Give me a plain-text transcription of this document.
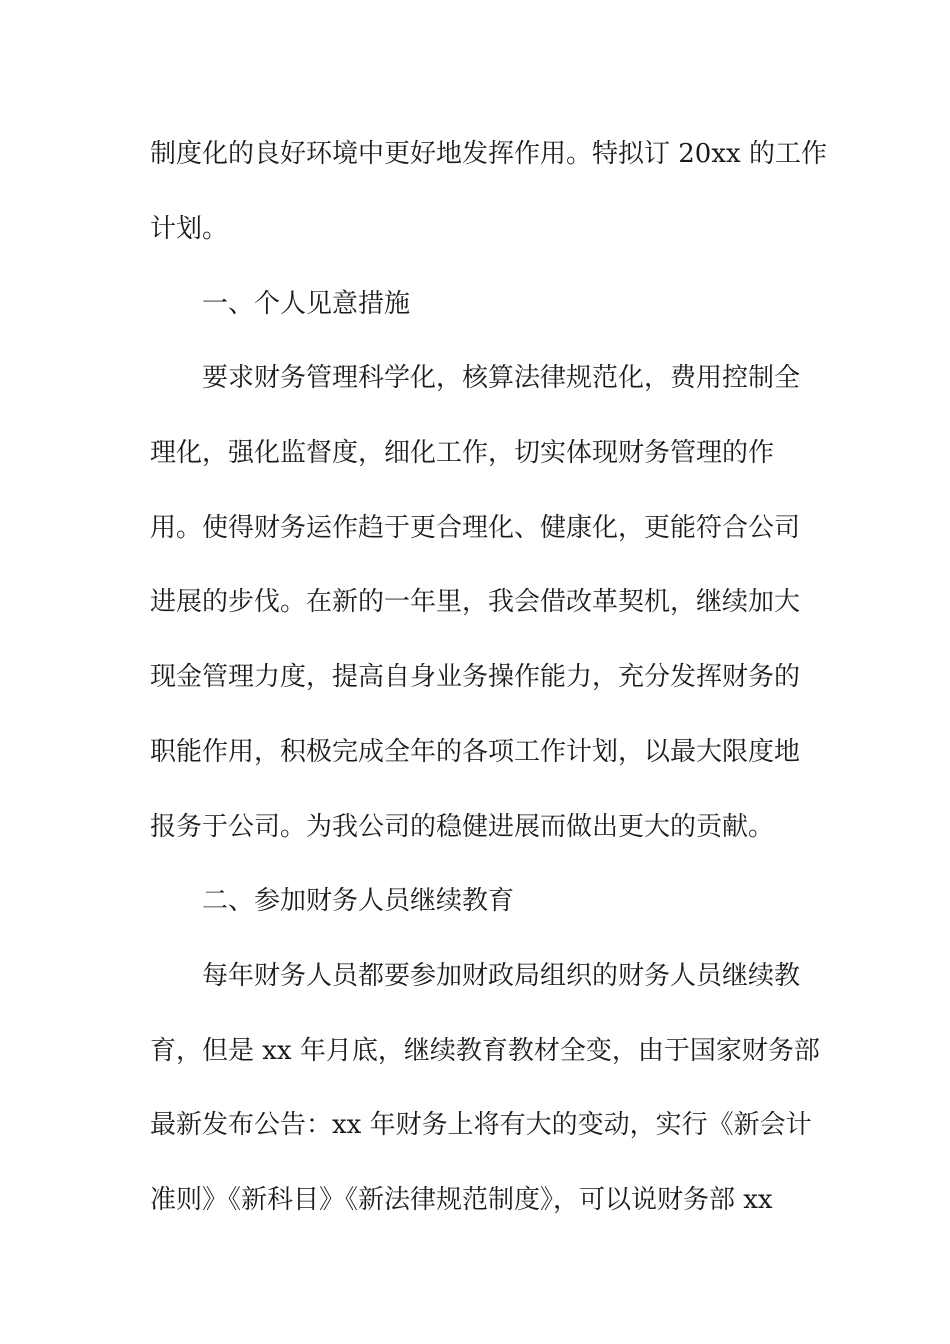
制度化的良好环境中更好地发挥作用。特拟订 20xx 的工作
计划。
一、个人见意措施
要求财务管理科学化，核算法律规范化，费用控制全
理化，强化监督度，细化工作，切实体现财务管理的作
用。使得财务运作趋于更合理化、健康化，更能符合公司
进展的步伐。在新的一年里，我会借改革契机，继续加大
现金管理力度，提高自身业务操作能力，充分发挥财务的
职能作用，积极完成全年的各项工作计划，以最大限度地
报务于公司。为我公司的稳健进展而做出更大的贡献。
二、参加财务人员继续教育
每年财务人员都要参加财政局组织的财务人员继续教
育，但是 xx 年月底，继续教育教材全变，由于国家财务部
最新发布公告：xx 年财务上将有大的变动，实行《新会计
准则》《新科目》《新法律规范制度》，可以说财务部 xx
